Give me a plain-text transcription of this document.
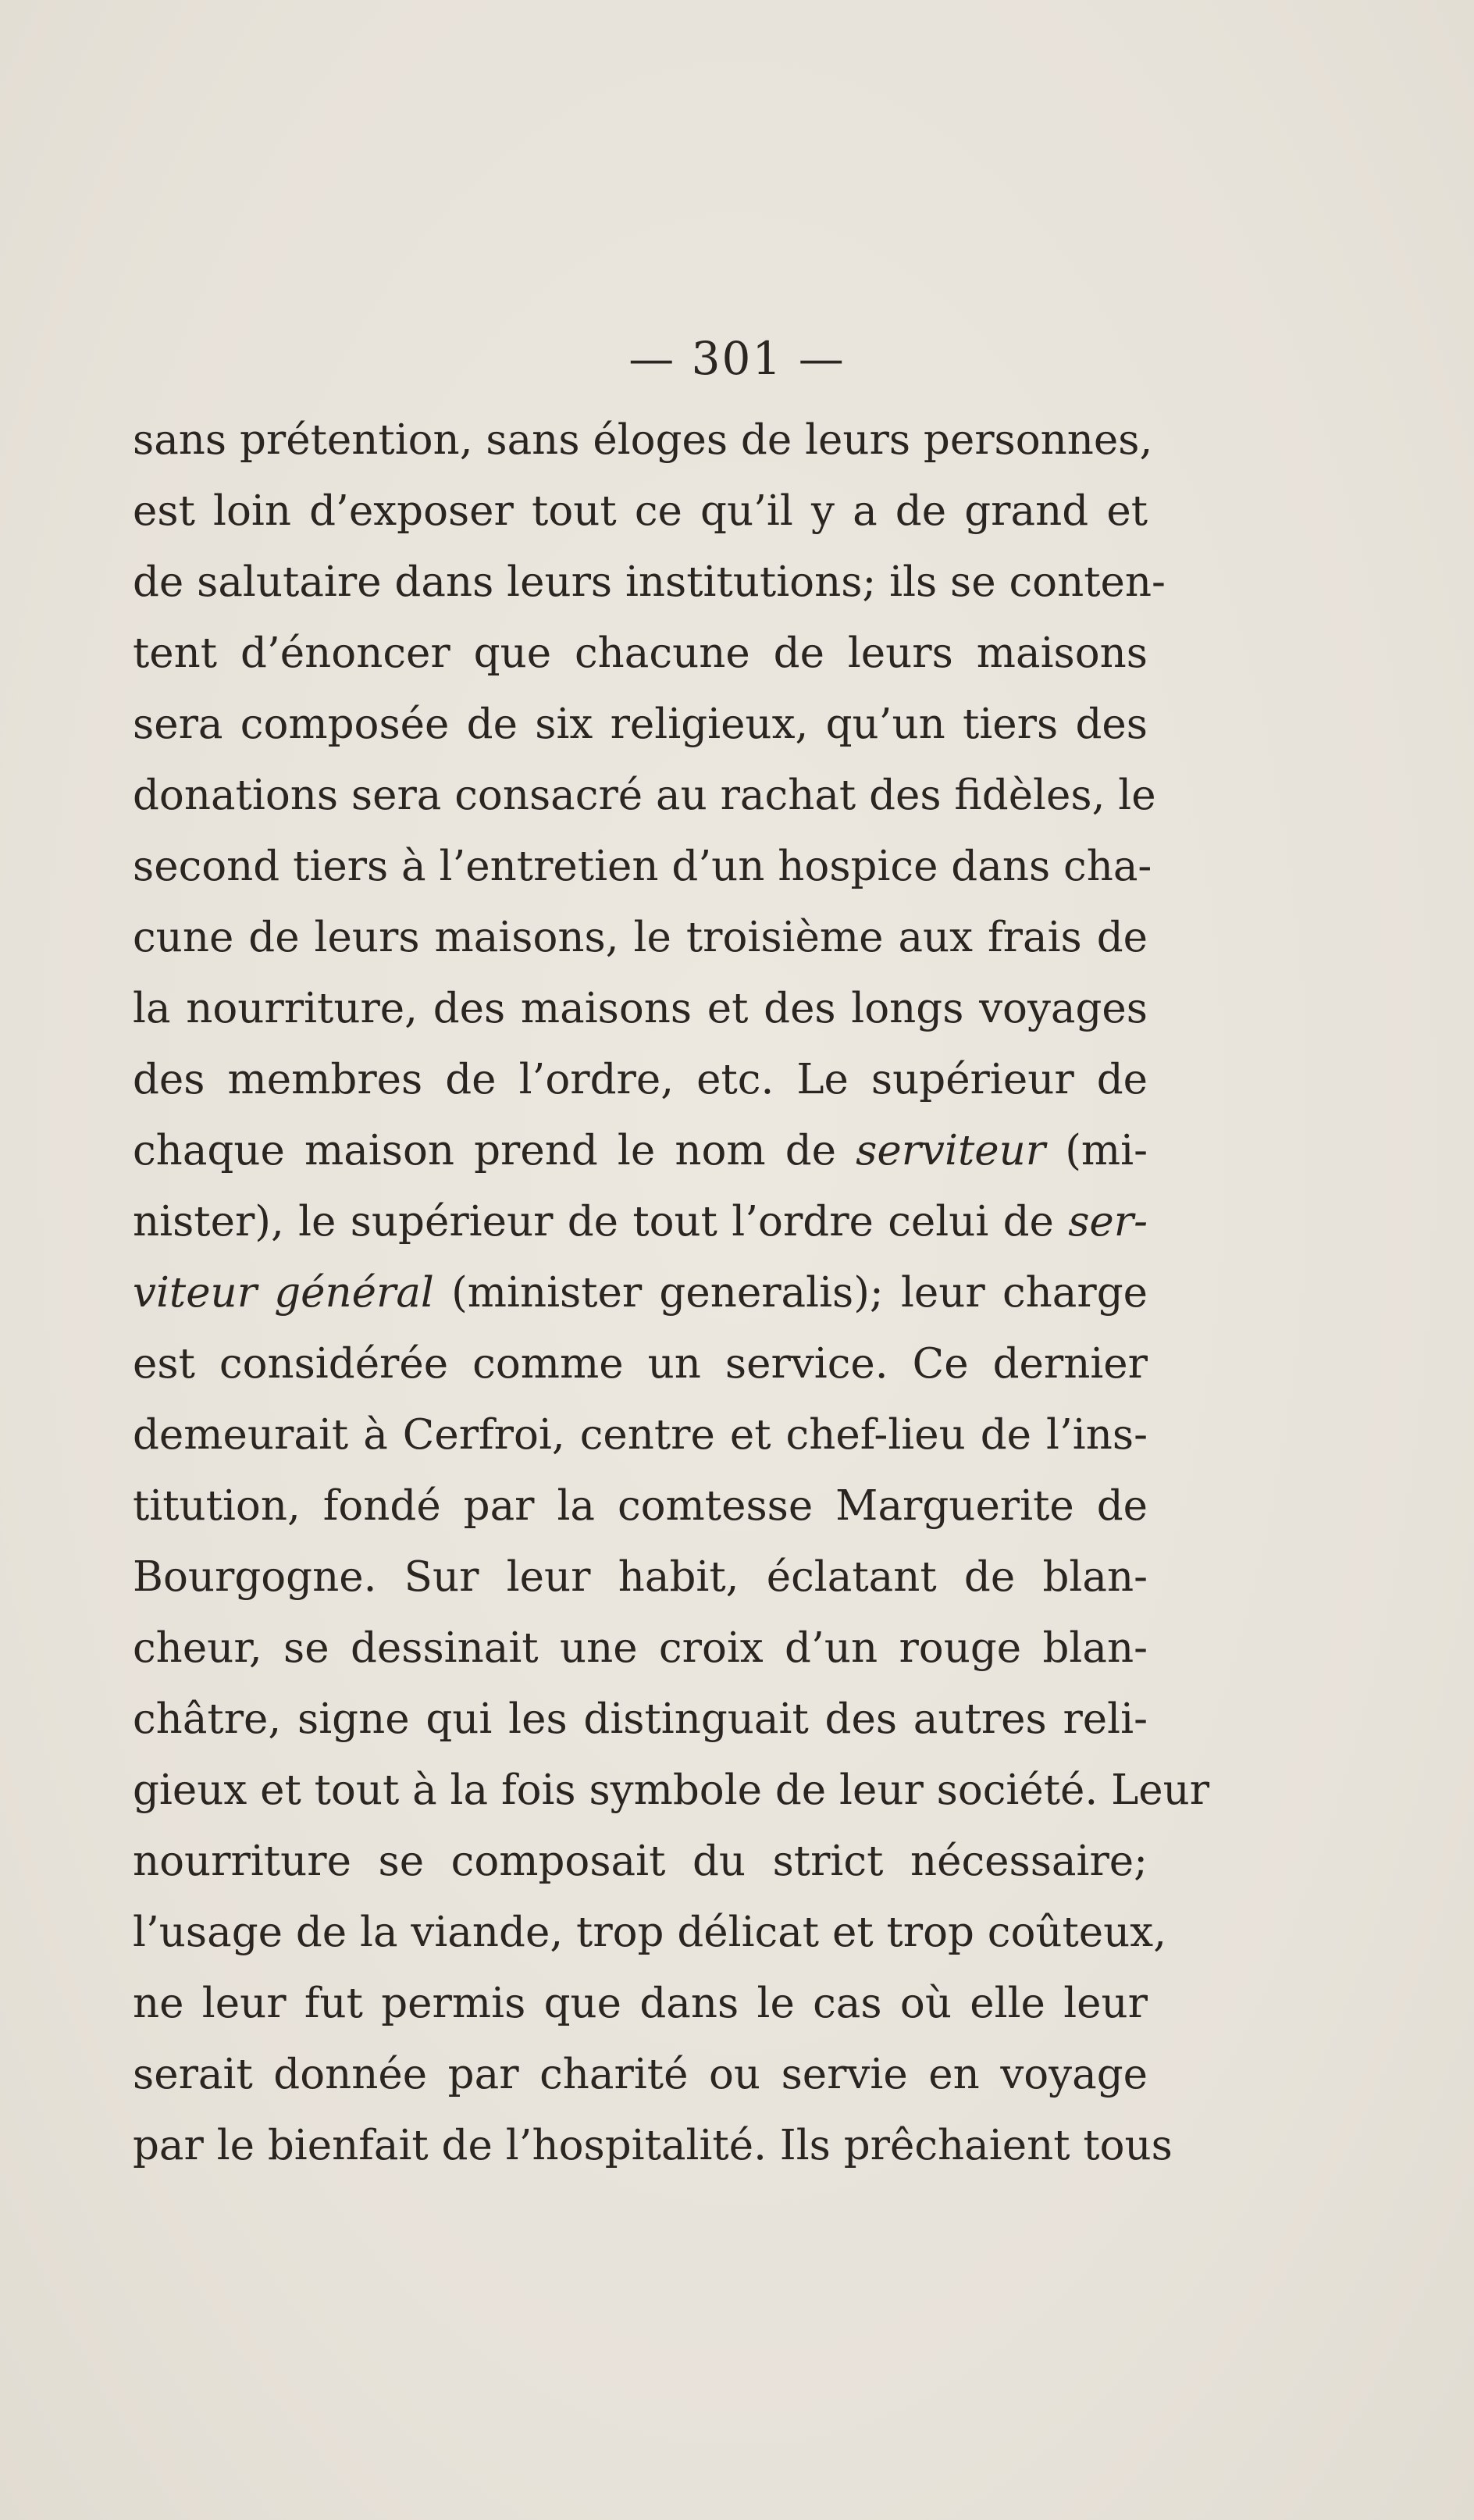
— 301 —
sans prétention, sans éloges de leurs personnes,
est loin d’exposer tout ce qu’il y a de grand et
de salutaire dans leurs institutions; ils se conten-
tent d’énoncer que chacune de leurs maisons
sera composée de six religieux, qu’un tiers des
donations sera consacré au rachat des fidèles, le
second tiers à l’entretien d’un hospice dans cha-
cune de leurs maisons, le troisième aux frais de
la nourriture, des maisons et des longs voyages
des membres de l’ordre, etc. Le supérieur de
chaque maison prend le nom de serviteur (mi-
nister), le supérieur de tout l’ordre celui de ser-
viteur général (minister generalis); leur charge
est considérée comme un service. Ce dernier
demeurait à Cerfroi, centre et chef-lieu de l’ins-
titution, fondé par la comtesse Marguerite de
Bourgogne. Sur leur habit, éclatant de blan-
cheur, se dessinait une croix d’un rouge blan-
châtre, signe qui les distinguait des autres reli-
gieux et tout à la fois symbole de leur société. Leur
nourriture se composait du strict nécessaire;
l’usage de la viande, trop délicat et trop coûteux,
ne leur fut permis que dans le cas où elle leur
serait donnée par charité ou servie en voyage
par le bienfait de l’hospitalité. Ils prêchaient tous
